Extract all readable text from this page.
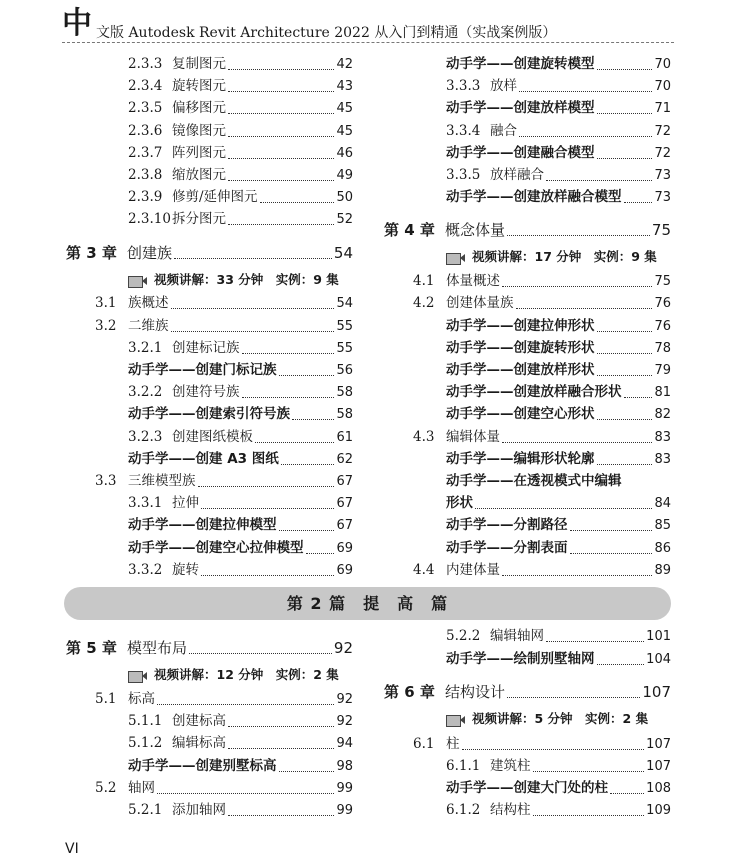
中 文版 Autodesk Revit Architecture 2022 从入门到精通（实战案例版）
2.3.3 复制图元	42
2.3.4 旋转图元	43
2.3.5 偏移图元	45
2.3.6 镜像图元	45
2.3.7 阵列图元	46
2.3.8 缩放图元	49
2.3.9 修剪/延伸图元	50
2.3.10 拆分图元	52
第 3 章 创建族	54
视频讲解：33 分钟　实例：9 集
3.1 族概述	54
3.2 二维族	55
3.2.1 创建标记族	55
动手学——创建门标记族	56
3.2.2 创建符号族	58
动手学——创建索引符号族	58
3.2.3 创建图纸模板	61
动手学——创建 A3 图纸	62
3.3 三维模型族	67
3.3.1 拉伸	67
动手学——创建拉伸模型	67
动手学——创建空心拉伸模型	69
3.3.2 旋转	69
动手学——创建旋转模型	70
3.3.3 放样	70
动手学——创建放样模型	71
3.3.4 融合	72
动手学——创建融合模型	72
3.3.5 放样融合	73
动手学——创建放样融合模型	73
第 4 章 概念体量	75
视频讲解：17 分钟　实例：9 集
4.1 体量概述	75
4.2 创建体量族	76
动手学——创建拉伸形状	76
动手学——创建旋转形状	78
动手学——创建放样形状	79
动手学——创建放样融合形状	81
动手学——创建空心形状	82
4.3 编辑体量	83
动手学——编辑形状轮廓	83
动手学——在透视模式中编辑
形状	84
动手学——分割路径	85
动手学——分割表面	86
4.4 内建体量	89
第 5 章 模型布局	92
视频讲解：12 分钟　实例：2 集
5.1 标高	92
5.1.1 创建标高	92
5.1.2 编辑标高	94
动手学——创建别墅标高	98
5.2 轴网	99
5.2.1 添加轴网	99
5.2.2 编辑轴网	101
动手学——绘制别墅轴网	104
第 6 章 结构设计	107
视频讲解：5 分钟　实例：2 集
6.1 柱	107
6.1.1 建筑柱	107
动手学——创建大门处的柱	108
6.1.2 结构柱	109
第 2 篇　提　高　篇
VI
